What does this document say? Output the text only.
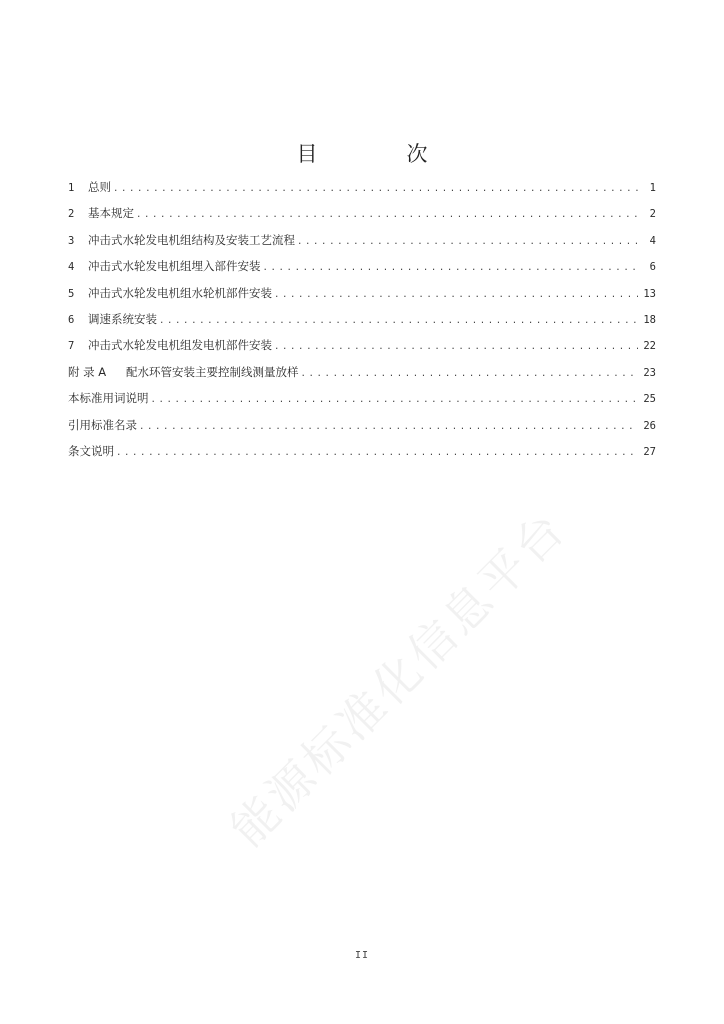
目　次
1	总则 .....	1
2	基本规定 .....	2
3	冲击式水轮发电机组结构及安装工艺流程 .....	4
4	冲击式水轮发电机组埋入部件安装 .....	6
5	冲击式水轮发电机组水轮机部件安装 .....	13
6	调速系统安装 .....	18
7	冲击式水轮发电机组发电机部件安装 .....	22
附 录 A	配水环管安装主要控制线测量放样 .....	23
本标准用词说明 .....	25
引用标准名录 .....	26
条文说明 .....	27
能源标准化信息平台
II
